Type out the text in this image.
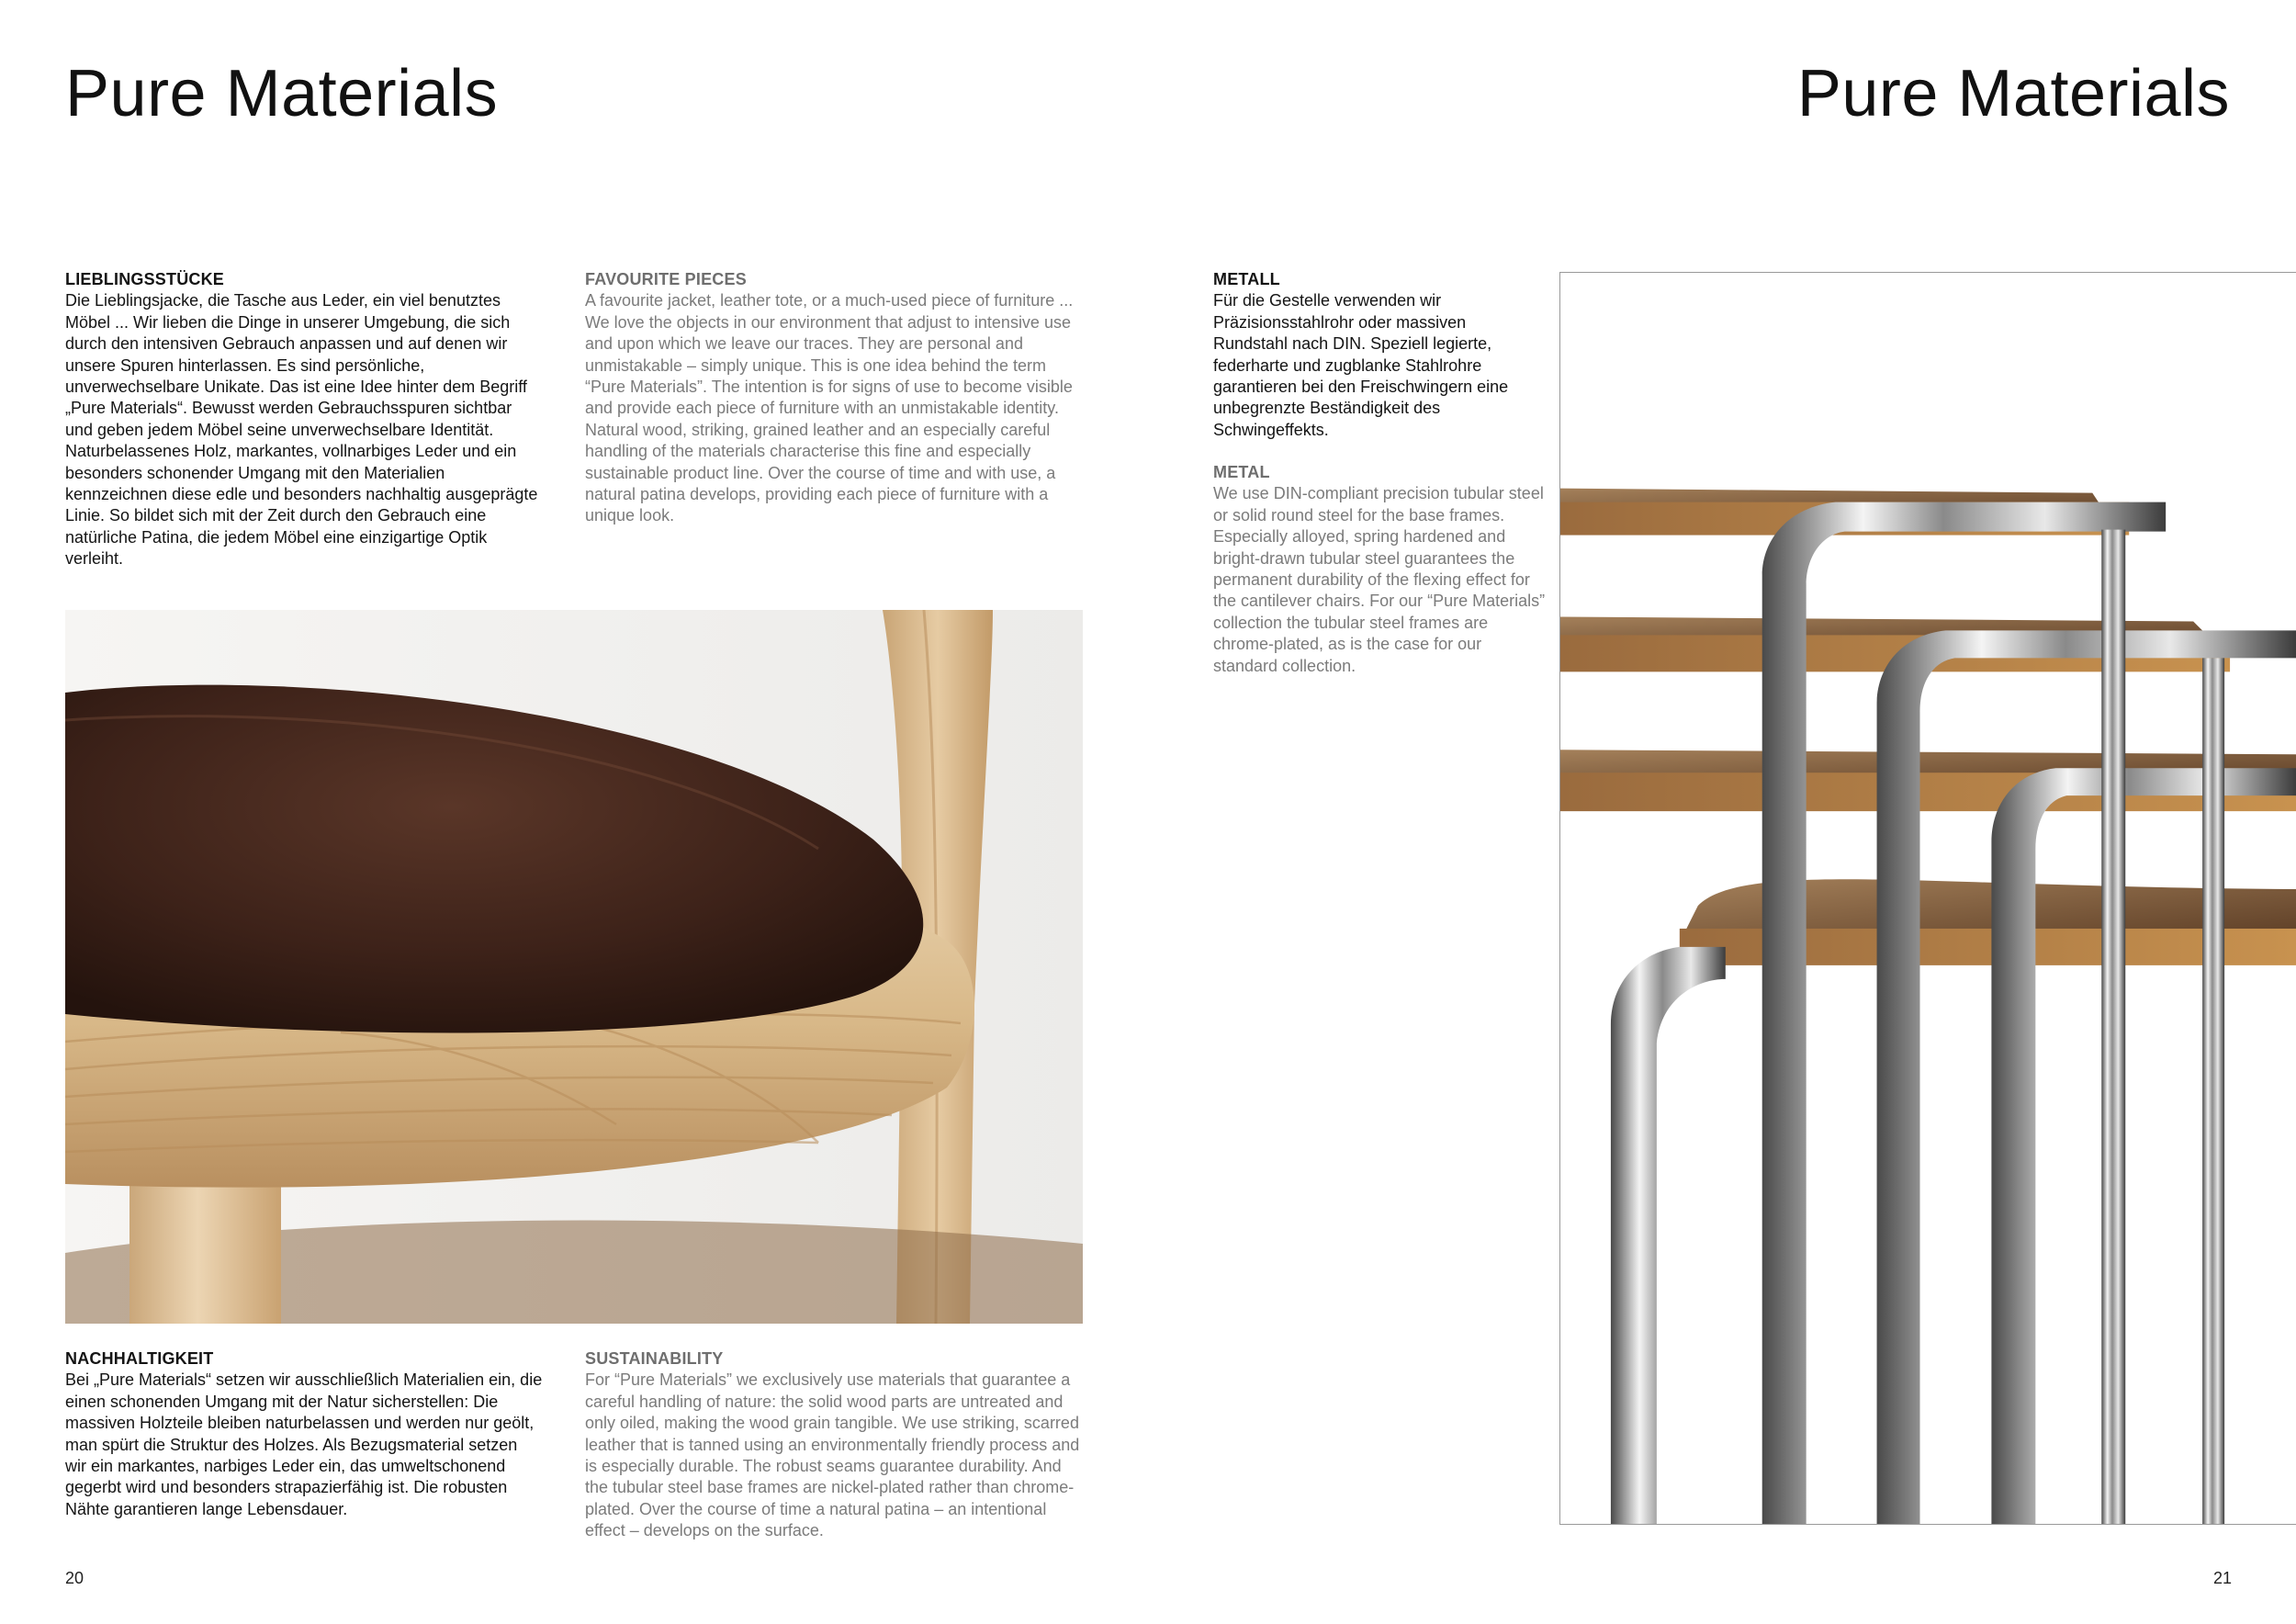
Pure Materials	Pure Materials
LIEBLINGSSTÜCKE

Die Lieblingsjacke, die Tasche aus Leder, ein viel benutztes Möbel ... Wir lieben die Dinge in unserer Umgebung, die sich durch den intensiven Gebrauch anpassen und auf denen wir unsere Spuren hinterlassen. Es sind persönliche, unverwechselbare Unikate. Das ist eine Idee hinter dem Begriff „Pure Materials“. Bewusst werden Gebrauchsspuren sichtbar und geben jedem Möbel seine unverwechselbare Identität. Naturbelassenes Holz, markantes, vollnarbiges Leder und ein besonders schonender Umgang mit den Materialien kennzeichnen diese edle und besonders nachhaltig ausgeprägte Linie. So bildet sich mit der Zeit durch den Gebrauch eine natürliche Patina, die jedem Möbel eine einzigartige Optik verleiht.

FAVOURITE PIECES

A favourite jacket, leather tote, or a much-used piece of furniture ... We love the objects in our environment that adjust to intensive use and upon which we leave our traces. They are personal and unmistakable – simply unique. This is one idea behind the term “Pure Materials”. The intention is for signs of use to become visible and provide each piece of furniture with an unmistakable identity. Natural wood, striking, grained leather and an especially careful handling of the materials characterise this fine and especially sustainable product line. Over the course of time and with use, a natural patina develops, providing each piece of furniture with a unique look.

NACHHALTIGKEIT

Bei „Pure Materials“ setzen wir ausschließlich Materialien ein, die einen schonenden Umgang mit der Natur sicherstellen: Die massiven Holzteile bleiben naturbelassen und werden nur geölt, man spürt die Struktur des Holzes. Als Bezugsmaterial setzen wir ein markantes, narbiges Leder ein, das umweltschonend gegerbt wird und besonders strapazierfähig ist. Die robusten Nähte garantieren lange Lebensdauer.

SUSTAINABILITY

For “Pure Materials” we exclusively use materials that guarantee a careful handling of nature: the solid wood parts are untreated and only oiled, making the wood grain tangible. We use striking, scarred leather that is tanned using an environmentally friendly process and is especially durable. The robust seams guarantee durability. And the tubular steel base frames are nickel-plated rather than chrome-plated. Over the course of time a natural patina – an intentional effect – develops on the surface.

METALL

Für die Gestelle verwenden wir Präzisionsstahlrohr oder massiven Rundstahl nach DIN. Speziell legierte, federharte und zugblanke Stahlrohre garantieren bei den Freischwingern eine unbegrenzte Beständigkeit des Schwingeffekts.

METAL

We use DIN-compliant precision tubular steel or solid round steel for the base frames. Especially alloyed, spring hardened and bright-drawn tubular steel guarantees the permanent durability of the flexing effect for the cantilever chairs. For our “Pure Materials” collection the tubular steel frames are chrome-plated, as is the case for our standard collection.

20	21
